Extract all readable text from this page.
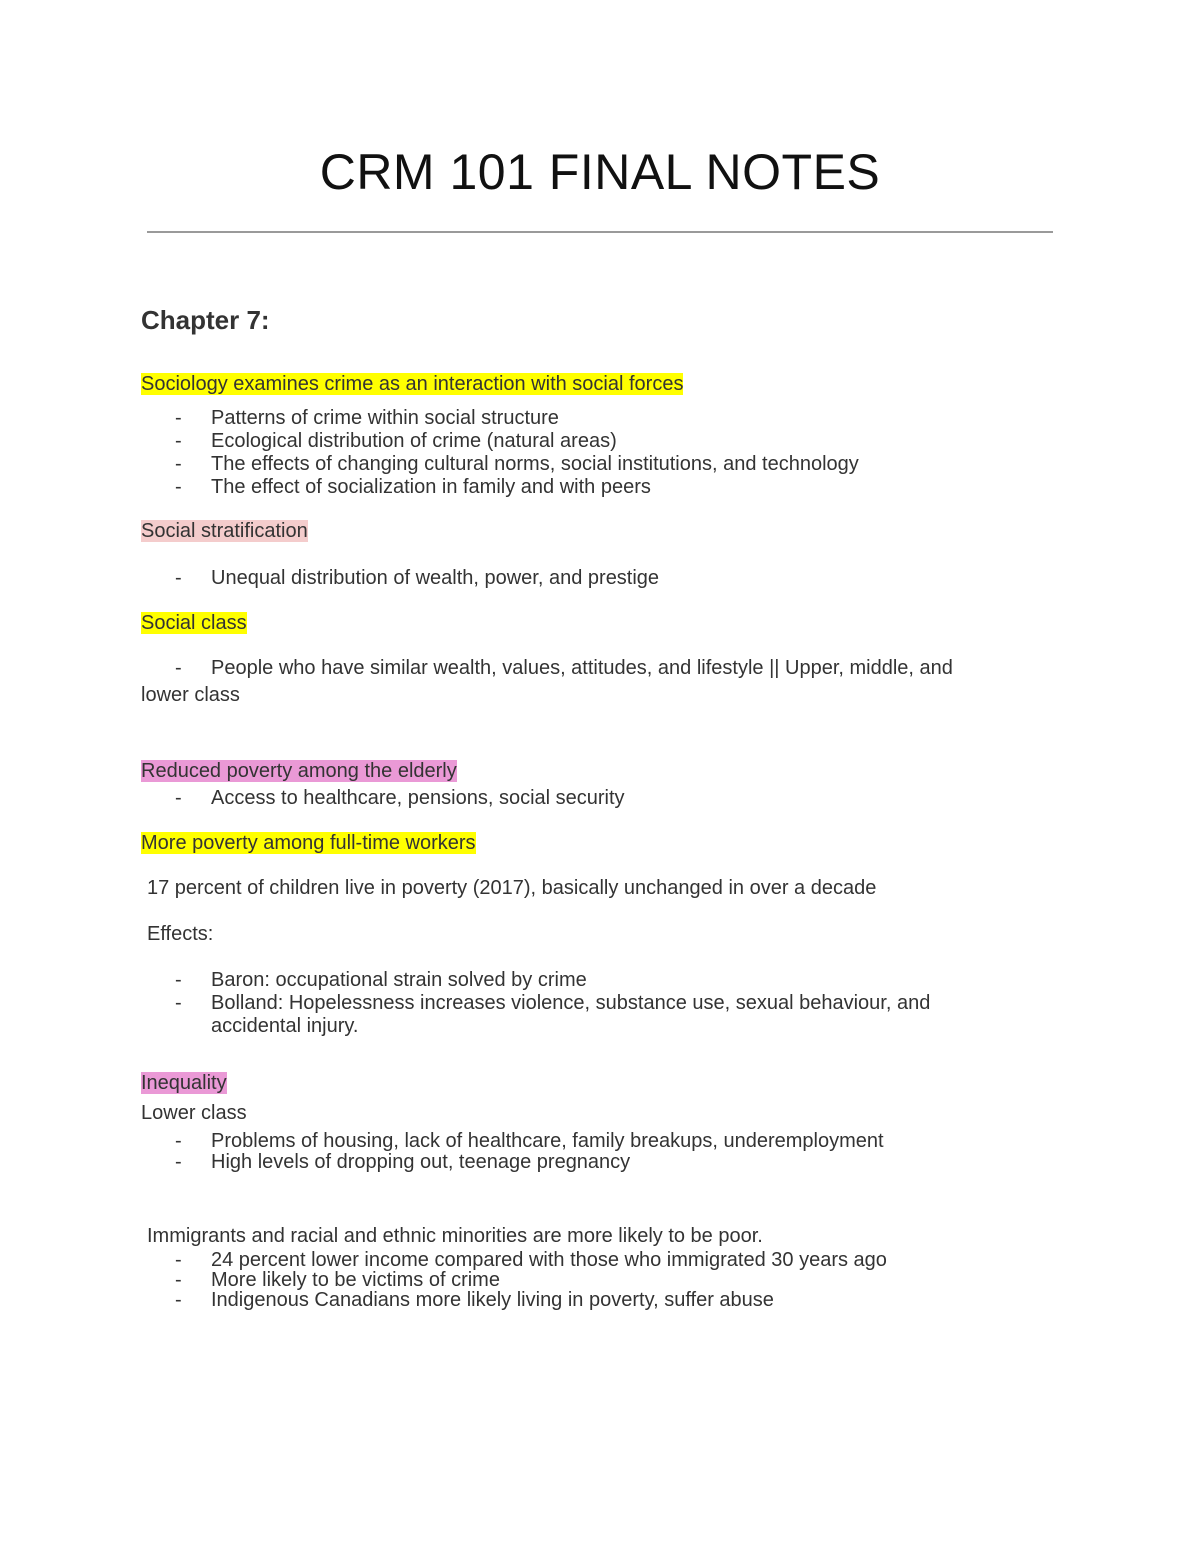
CRM 101 FINAL NOTES
Chapter 7:
Sociology examines crime as an interaction with social forces
- Patterns of crime within social structure
- Ecological distribution of crime (natural areas)
- The effects of changing cultural norms, social institutions, and technology
- The effect of socialization in family and with peers
Social stratification
- Unequal distribution of wealth, power, and prestige
Social class
- People who have similar wealth, values, attitudes, and lifestyle || Upper, middle, and
lower class
Reduced poverty among the elderly
- Access to healthcare, pensions, social security
More poverty among full-time workers
17 percent of children live in poverty (2017), basically unchanged in over a decade
Effects:
- Baron: occupational strain solved by crime
- Bolland: Hopelessness increases violence, substance use, sexual behaviour, and
accidental injury.
Inequality
Lower class
- Problems of housing, lack of healthcare, family breakups, underemployment
- High levels of dropping out, teenage pregnancy
Immigrants and racial and ethnic minorities are more likely to be poor.
- 24 percent lower income compared with those who immigrated 30 years ago
- More likely to be victims of crime
- Indigenous Canadians more likely living in poverty, suffer abuse
